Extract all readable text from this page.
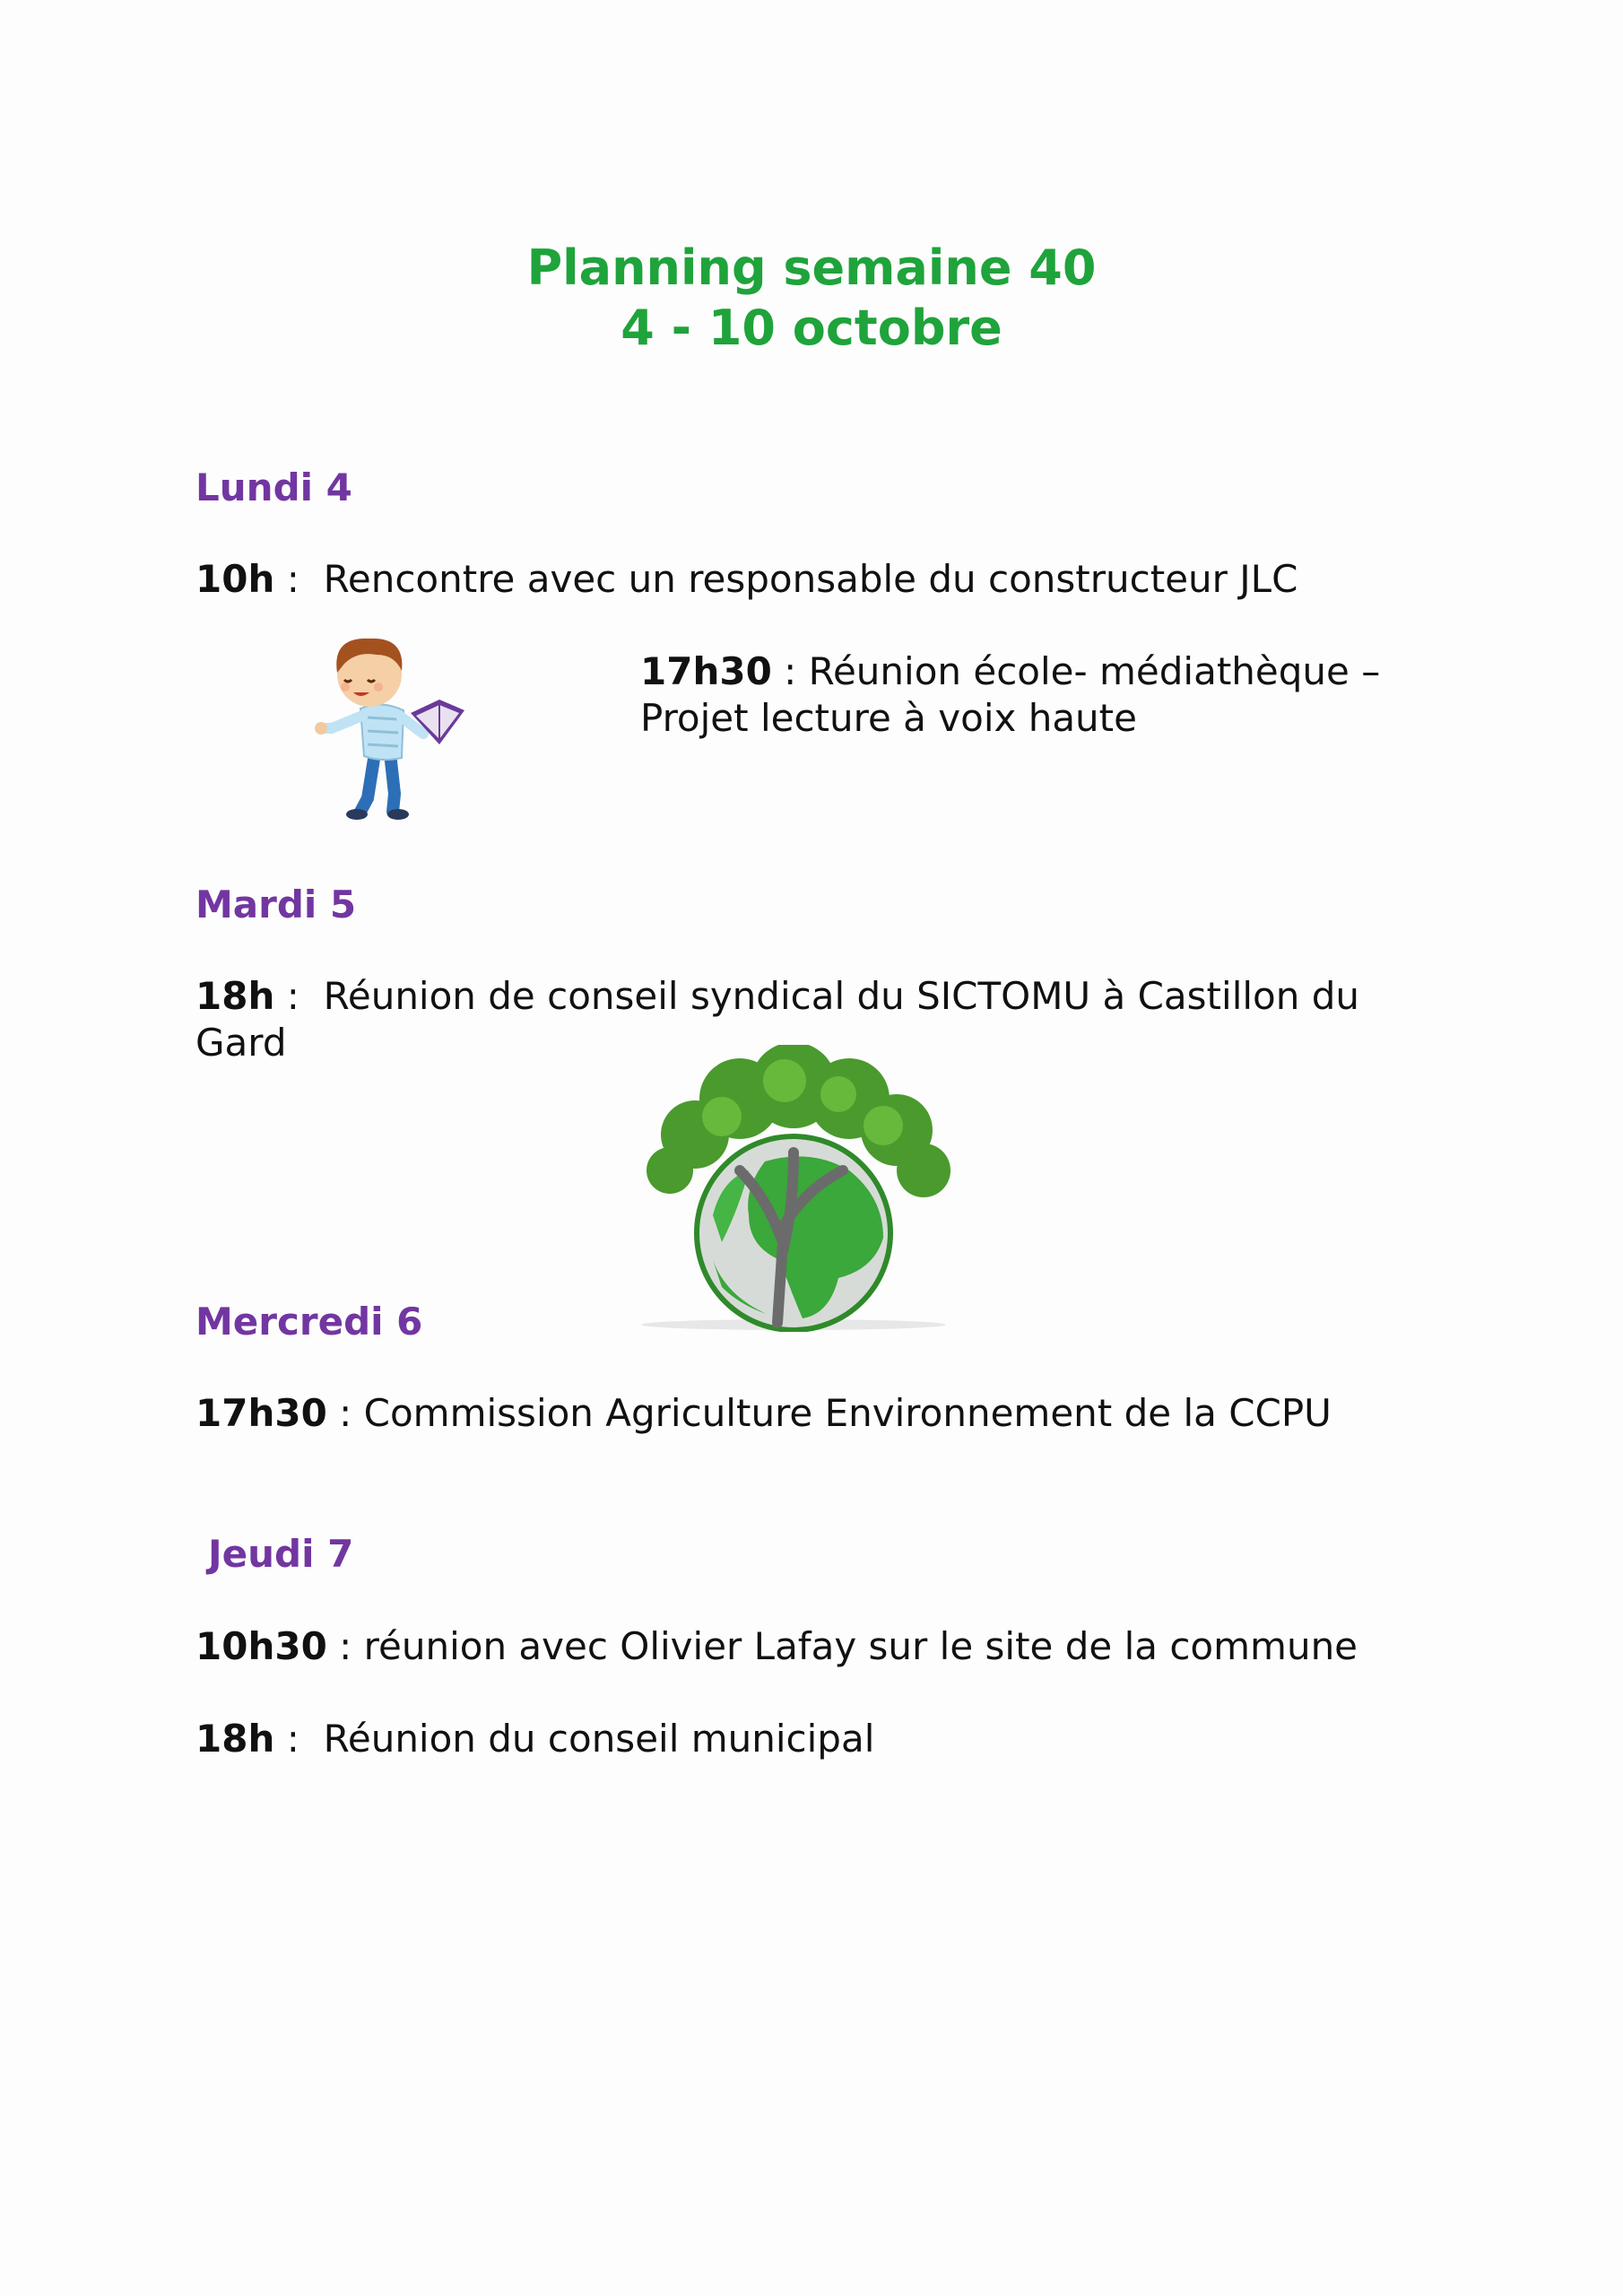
Planning semaine 40
4 - 10 octobre
Lundi 4
10h :  Rencontre avec un responsable du constructeur JLC
17h30 : Réunion école- médiathèque –
Projet lecture à voix haute
Mardi 5
18h :  Réunion de conseil syndical du SICTOMU à Castillon du
Gard
Mercredi 6
17h30 : Commission Agriculture Environnement de la CCPU
Jeudi 7
10h30 : réunion avec Olivier Lafay sur le site de la commune
18h :  Réunion du conseil municipal
